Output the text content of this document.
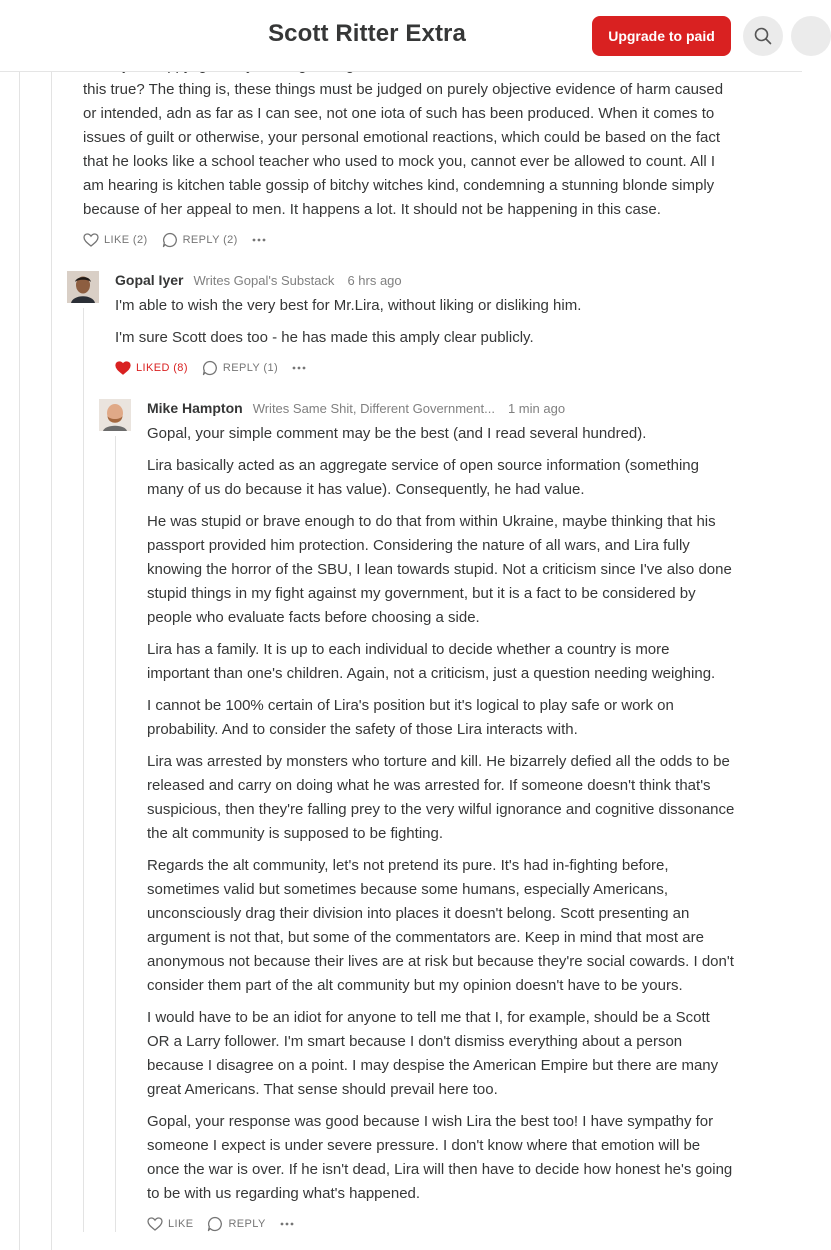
Scott Ritter Extra	Upgrade to paid

this true? The thing is, these things must be judged on purely objective evidence of harm caused or intended, adn as far as I can see, not one iota of such has been produced. When it comes to issues of guilt or otherwise, your personal emotional reactions, which could be based on the fact that he looks like a school teacher who used to mock you, cannot ever be allowed to count. All I am hearing is kitchen table gossip of bitchy witches kind, condemning a stunning blonde simply because of her appeal to men. It happens a lot. It should not be happening in this case.

LIKE (2)	REPLY (2)
Gopal Iyer Writes Gopal's Substack 6 hrs ago

I'm able to wish the very best for Mr.Lira, without liking or disliking him.

I'm sure Scott does too - he has made this amply clear publicly.

LIKED (8)	REPLY (1)
Mike Hampton Writes Same Shit, Different Government... 1 min ago

Gopal, your simple comment may be the best (and I read several hundred).

Lira basically acted as an aggregate service of open source information (something many of us do because it has value). Consequently, he had value.

He was stupid or brave enough to do that from within Ukraine, maybe thinking that his passport provided him protection. Considering the nature of all wars, and Lira fully knowing the horror of the SBU, I lean towards stupid. Not a criticism since I've also done stupid things in my fight against my government, but it is a fact to be considered by people who evaluate facts before choosing a side.

Lira has a family. It is up to each individual to decide whether a country is more important than one's children. Again, not a criticism, just a question needing weighing.

I cannot be 100% certain of Lira's position but it's logical to play safe or work on probability. And to consider the safety of those Lira interacts with.

Lira was arrested by monsters who torture and kill. He bizarrely defied all the odds to be released and carry on doing what he was arrested for. If someone doesn't think that's suspicious, then they're falling prey to the very wilful ignorance and cognitive dissonance the alt community is supposed to be fighting.

Regards the alt community, let's not pretend its pure. It's had in-fighting before, sometimes valid but sometimes because some humans, especially Americans, unconsciously drag their division into places it doesn't belong. Scott presenting an argument is not that, but some of the commentators are. Keep in mind that most are anonymous not because their lives are at risk but because they're social cowards. I don't consider them part of the alt community but my opinion doesn't have to be yours.

I would have to be an idiot for anyone to tell me that I, for example, should be a Scott OR a Larry follower. I'm smart because I don't dismiss everything about a person because I disagree on a point. I may despise the American Empire but there are many great Americans. That sense should prevail here too.

Gopal, your response was good because I wish Lira the best too! I have sympathy for someone I expect is under severe pressure. I don't know where that emotion will be once the war is over. If he isn't dead, Lira will then have to decide how honest he's going to be with us regarding what's happened.

LIKE	REPLY
